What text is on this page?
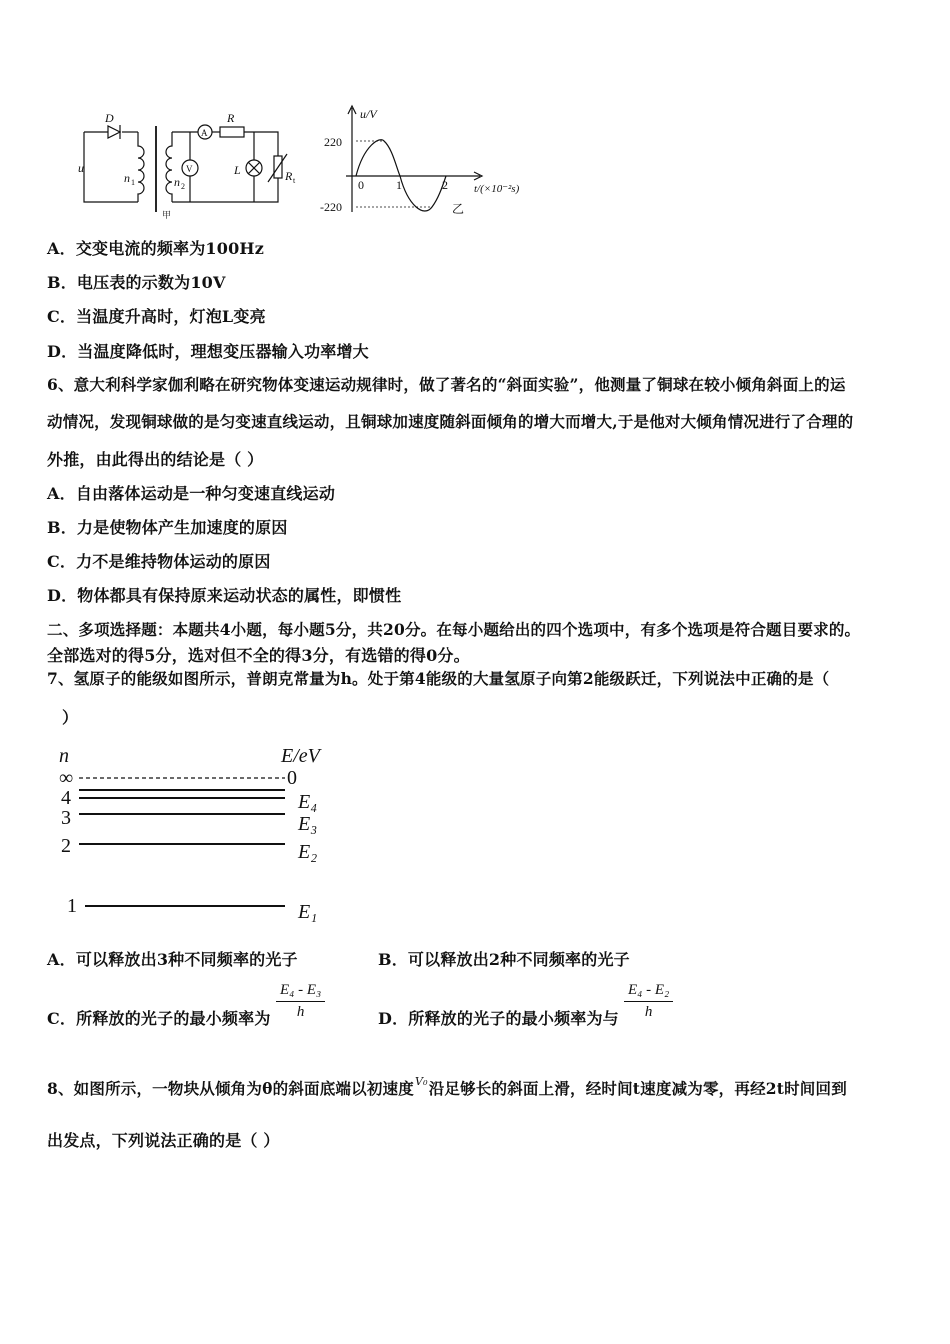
D
u
n 1	n 2
A
V
R
L	R t
甲
u/V
220
-220
0	1	2 t/(×10⁻²s)
乙
A．交变电流的频率为100Hz
B．电压表的示数为10V
C．当温度升高时，灯泡L变亮
D．当温度降低时，理想变压器输入功率增大
6、意大利科学家伽利略在研究物体变速运动规律时，做了著名的“斜面实验”，他测量了铜球在较小倾角斜面上的运
动情况，发现铜球做的是匀变速直线运动，且铜球加速度随斜面倾角的增大而增大,于是他对大倾角情况进行了合理的
外推，由此得出的结论是（ ）
A．自由落体运动是一种匀变速直线运动
B．力是使物体产生加速度的原因
C．力不是维持物体运动的原因
D．物体都具有保持原来运动状态的属性，即惯性
二、多项选择题：本题共4小题，每小题5分，共20分。在每小题给出的四个选项中，有多个选项是符合题目要求的。
全部选对的得5分，选对但不全的得3分，有选错的得0分。
7、氢原子的能级如图所示，普朗克常量为h。处于第4能级的大量氢原子向第2能级跃迁，下列说法中正确的是（
）
n	E/eV
∞	0
4	E₄
3	E₃
2	E₂
1	E₁
A．可以释放出3种不同频率的光子	B．可以释放出2种不同频率的光子
C．所释放的光子的最小频率为 $\frac{\text{E₄ - E₃}}{h}$	D．所释放的光子的最小频率为与 $\frac{\text{E₄ - E₂}}{h}$
8、如图所示，一物块从倾角为θ的斜面底端以初速度$^{V_0}$沿足够长的斜面上滑，经时间t速度减为零，再经2t时间回到
出发点，下列说法正确的是（ ）
